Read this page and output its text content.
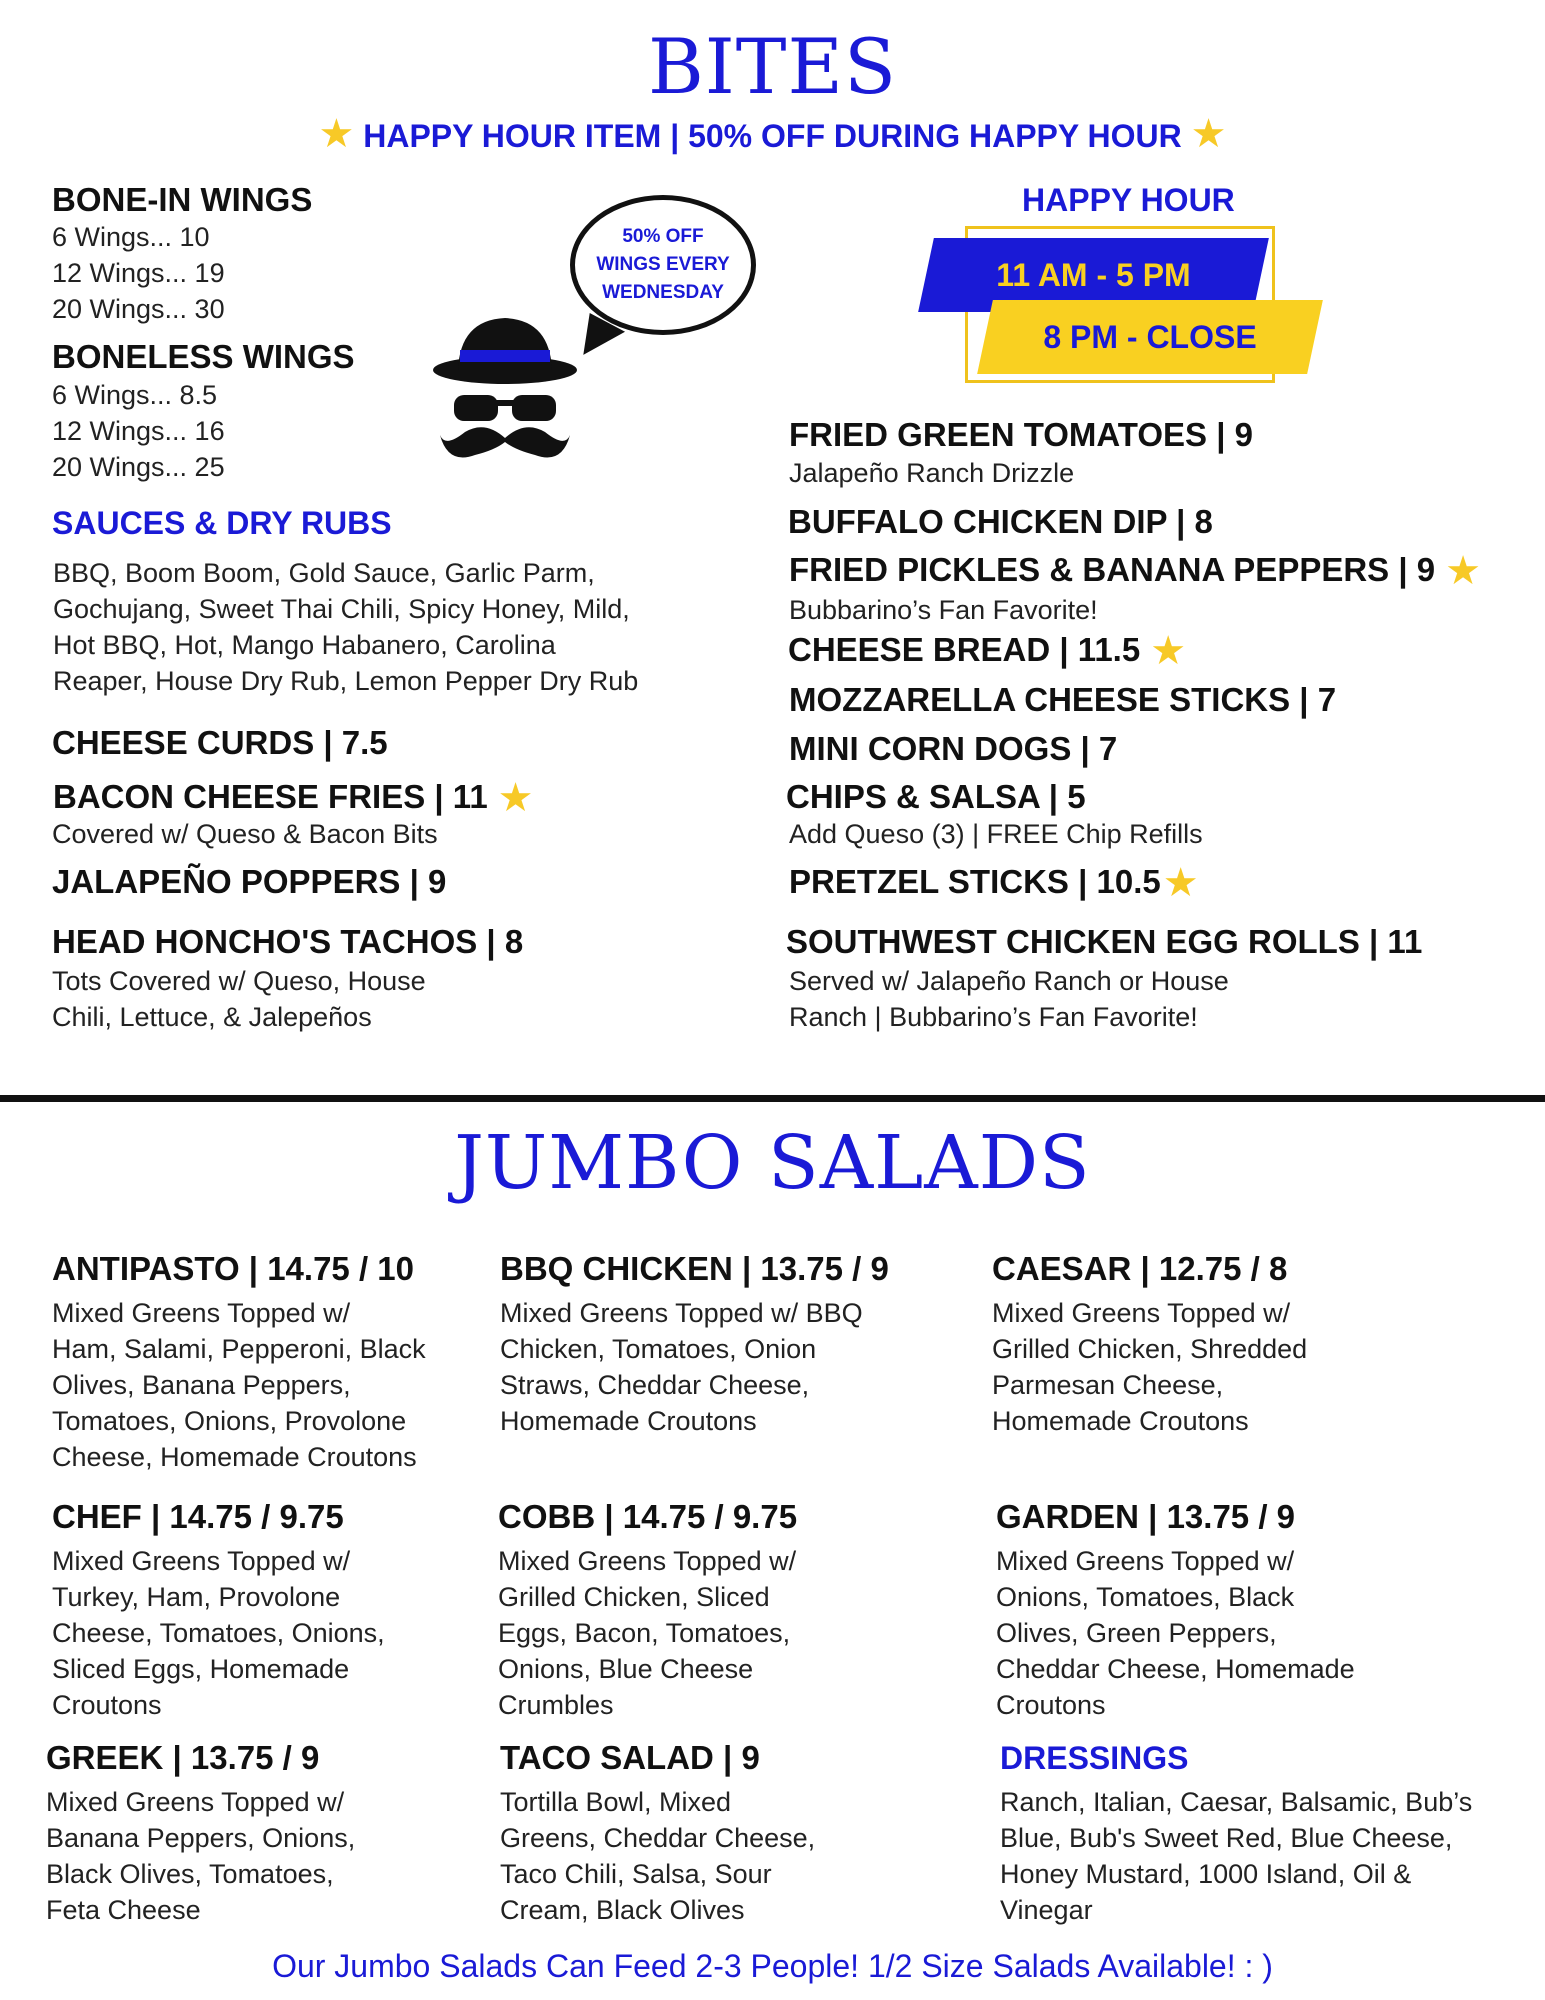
BITES
★ HAPPY HOUR ITEM | 50% OFF DURING HAPPY HOUR ★
BONE-IN WINGS
6 Wings... 10
12 Wings... 19
20 Wings... 30
BONELESS WINGS
6 Wings... 8.5
12 Wings... 16
20 Wings... 25
50% OFF
WINGS EVERY
WEDNESDAY
SAUCES & DRY RUBS
BBQ, Boom Boom, Gold Sauce, Garlic Parm,
Gochujang, Sweet Thai Chili, Spicy Honey, Mild,
Hot BBQ, Hot, Mango Habanero, Carolina
Reaper, House Dry Rub, Lemon Pepper Dry Rub
CHEESE CURDS | 7.5
BACON CHEESE FRIES | 11 ★
Covered w/ Queso & Bacon Bits
JALAPEÑO POPPERS | 9
HEAD HONCHO'S TACHOS | 8
Tots Covered w/ Queso, House
Chili, Lettuce, & Jalepeños
HAPPY HOUR
11 AM - 5 PM
8 PM - CLOSE
FRIED GREEN TOMATOES | 9
Jalapeño Ranch Drizzle
BUFFALO CHICKEN DIP | 8
FRIED PICKLES & BANANA PEPPERS | 9 ★
Bubbarino’s Fan Favorite!
CHEESE BREAD | 11.5 ★
MOZZARELLA CHEESE STICKS | 7
MINI CORN DOGS | 7
CHIPS & SALSA | 5
Add Queso (3) | FREE Chip Refills
PRETZEL STICKS | 10.5★
SOUTHWEST CHICKEN EGG ROLLS | 11
Served w/ Jalapeño Ranch or House
Ranch | Bubbarino’s Fan Favorite!
JUMBO SALADS
ANTIPASTO | 14.75 / 10
Mixed Greens Topped w/
Ham, Salami, Pepperoni, Black
Olives, Banana Peppers,
Tomatoes, Onions, Provolone
Cheese, Homemade Croutons
BBQ CHICKEN | 13.75 / 9
Mixed Greens Topped w/ BBQ
Chicken, Tomatoes, Onion
Straws, Cheddar Cheese,
Homemade Croutons
CAESAR | 12.75 / 8
Mixed Greens Topped w/
Grilled Chicken, Shredded
Parmesan Cheese,
Homemade Croutons
CHEF | 14.75 / 9.75
Mixed Greens Topped w/
Turkey, Ham, Provolone
Cheese, Tomatoes, Onions,
Sliced Eggs, Homemade
Croutons
COBB | 14.75 / 9.75
Mixed Greens Topped w/
Grilled Chicken, Sliced
Eggs, Bacon, Tomatoes,
Onions, Blue Cheese
Crumbles
GARDEN | 13.75 / 9
Mixed Greens Topped w/
Onions, Tomatoes, Black
Olives, Green Peppers,
Cheddar Cheese, Homemade
Croutons
GREEK | 13.75 / 9
Mixed Greens Topped w/
Banana Peppers, Onions,
Black Olives, Tomatoes,
Feta Cheese
TACO SALAD | 9
Tortilla Bowl, Mixed
Greens, Cheddar Cheese,
Taco Chili, Salsa, Sour
Cream, Black Olives
DRESSINGS
Ranch, Italian, Caesar, Balsamic, Bub’s
Blue, Bub's Sweet Red, Blue Cheese,
Honey Mustard, 1000 Island, Oil &
Vinegar
Our Jumbo Salads Can Feed 2-3 People! 1/2 Size Salads Available! : )
